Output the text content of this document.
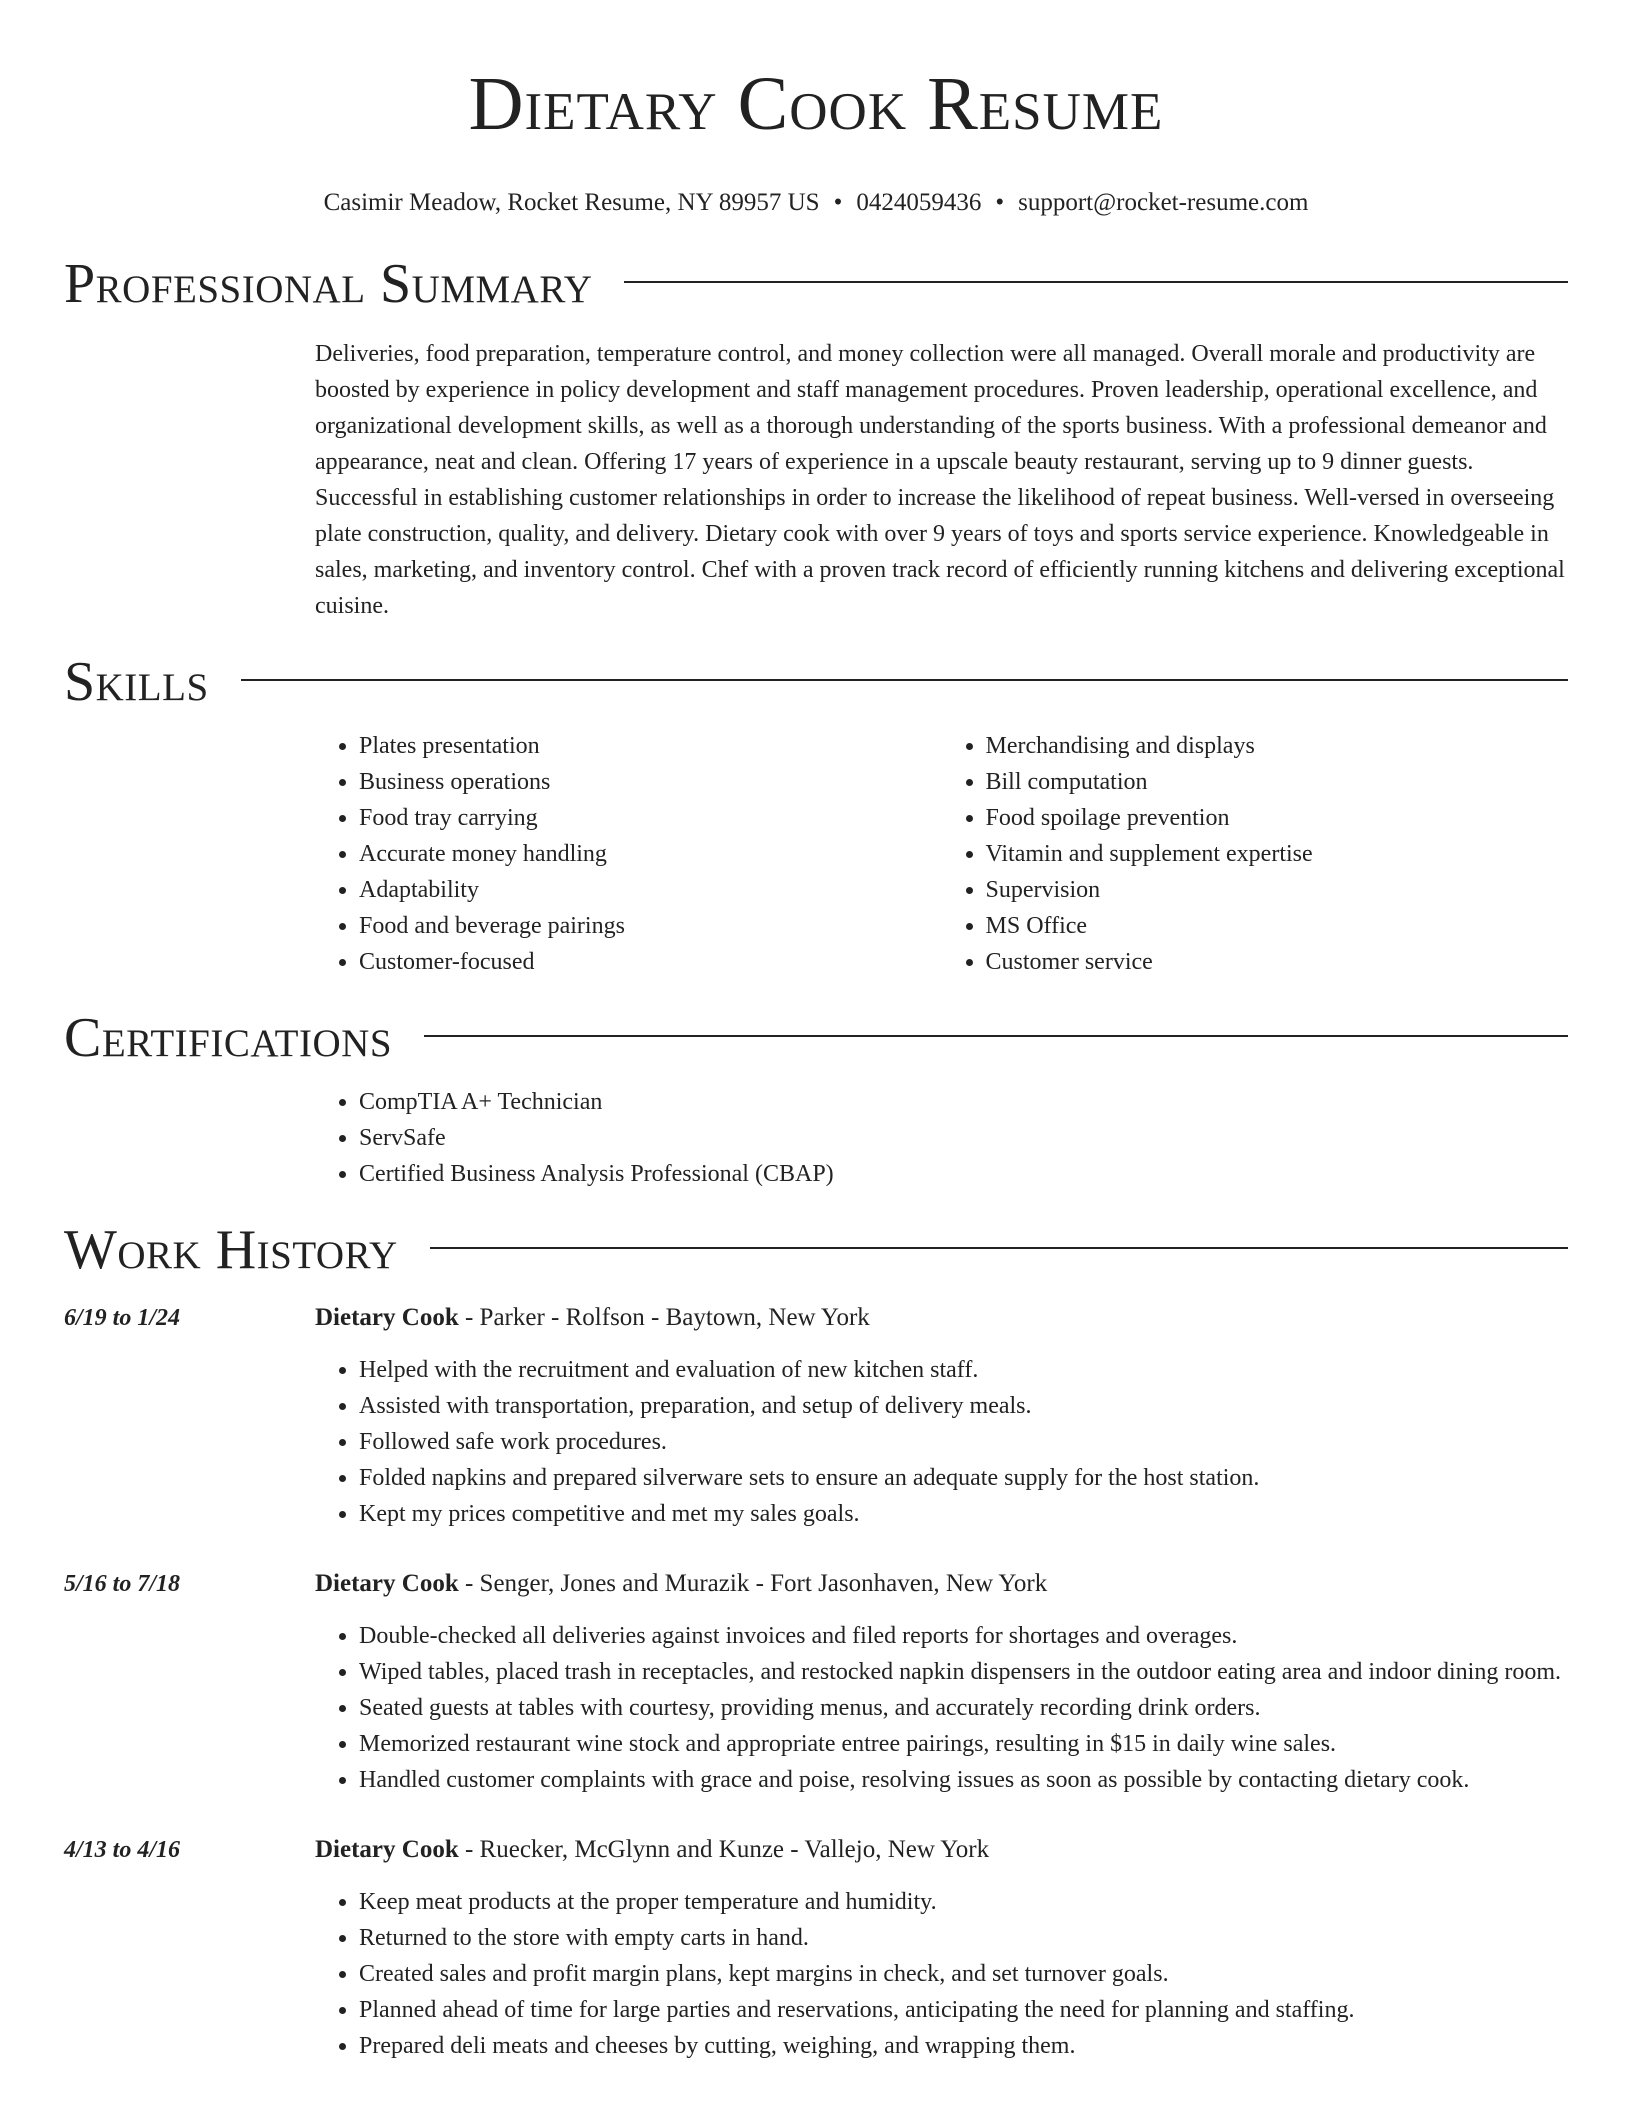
Dietary Cook Resume
Casimir Meadow, Rocket Resume, NY 89957 US • 0424059436 • support@rocket-resume.com
Professional Summary

Deliveries, food preparation, temperature control, and money collection were all managed. Overall morale and productivity are boosted by experience in policy development and staff management procedures. Proven leadership, operational excellence, and organizational development skills, as well as a thorough understanding of the sports business. With a professional demeanor and appearance, neat and clean. Offering 17 years of experience in a upscale beauty restaurant, serving up to 9 dinner guests. Successful in establishing customer relationships in order to increase the likelihood of repeat business. Well-versed in overseeing plate construction, quality, and delivery. Dietary cook with over 9 years of toys and sports service experience. Knowledgeable in sales, marketing, and inventory control. Chef with a proven track record of efficiently running kitchens and delivering exceptional cuisine.

Skills
• Plates presentation
• Business operations
• Food tray carrying
• Accurate money handling
• Adaptability
• Food and beverage pairings
• Customer-focused
• Merchandising and displays
• Bill computation
• Food spoilage prevention
• Vitamin and supplement expertise
• Supervision
• MS Office
• Customer service
Certifications
• CompTIA A+ Technician
• ServSafe
• Certified Business Analysis Professional (CBAP)
Work History
6/19 to 1/24	Dietary Cook - Parker - Rolfson - Baytown, New York
• Helped with the recruitment and evaluation of new kitchen staff.
• Assisted with transportation, preparation, and setup of delivery meals.
• Followed safe work procedures.
• Folded napkins and prepared silverware sets to ensure an adequate supply for the host station.
• Kept my prices competitive and met my sales goals.
5/16 to 7/18	Dietary Cook - Senger, Jones and Murazik - Fort Jasonhaven, New York
• Double-checked all deliveries against invoices and filed reports for shortages and overages.
• Wiped tables, placed trash in receptacles, and restocked napkin dispensers in the outdoor eating area and indoor dining room.
• Seated guests at tables with courtesy, providing menus, and accurately recording drink orders.
• Memorized restaurant wine stock and appropriate entree pairings, resulting in $15 in daily wine sales.
• Handled customer complaints with grace and poise, resolving issues as soon as possible by contacting dietary cook.
4/13 to 4/16	Dietary Cook - Ruecker, McGlynn and Kunze - Vallejo, New York
• Keep meat products at the proper temperature and humidity.
• Returned to the store with empty carts in hand.
• Created sales and profit margin plans, kept margins in check, and set turnover goals.
• Planned ahead of time for large parties and reservations, anticipating the need for planning and staffing.
• Prepared deli meats and cheeses by cutting, weighing, and wrapping them.
